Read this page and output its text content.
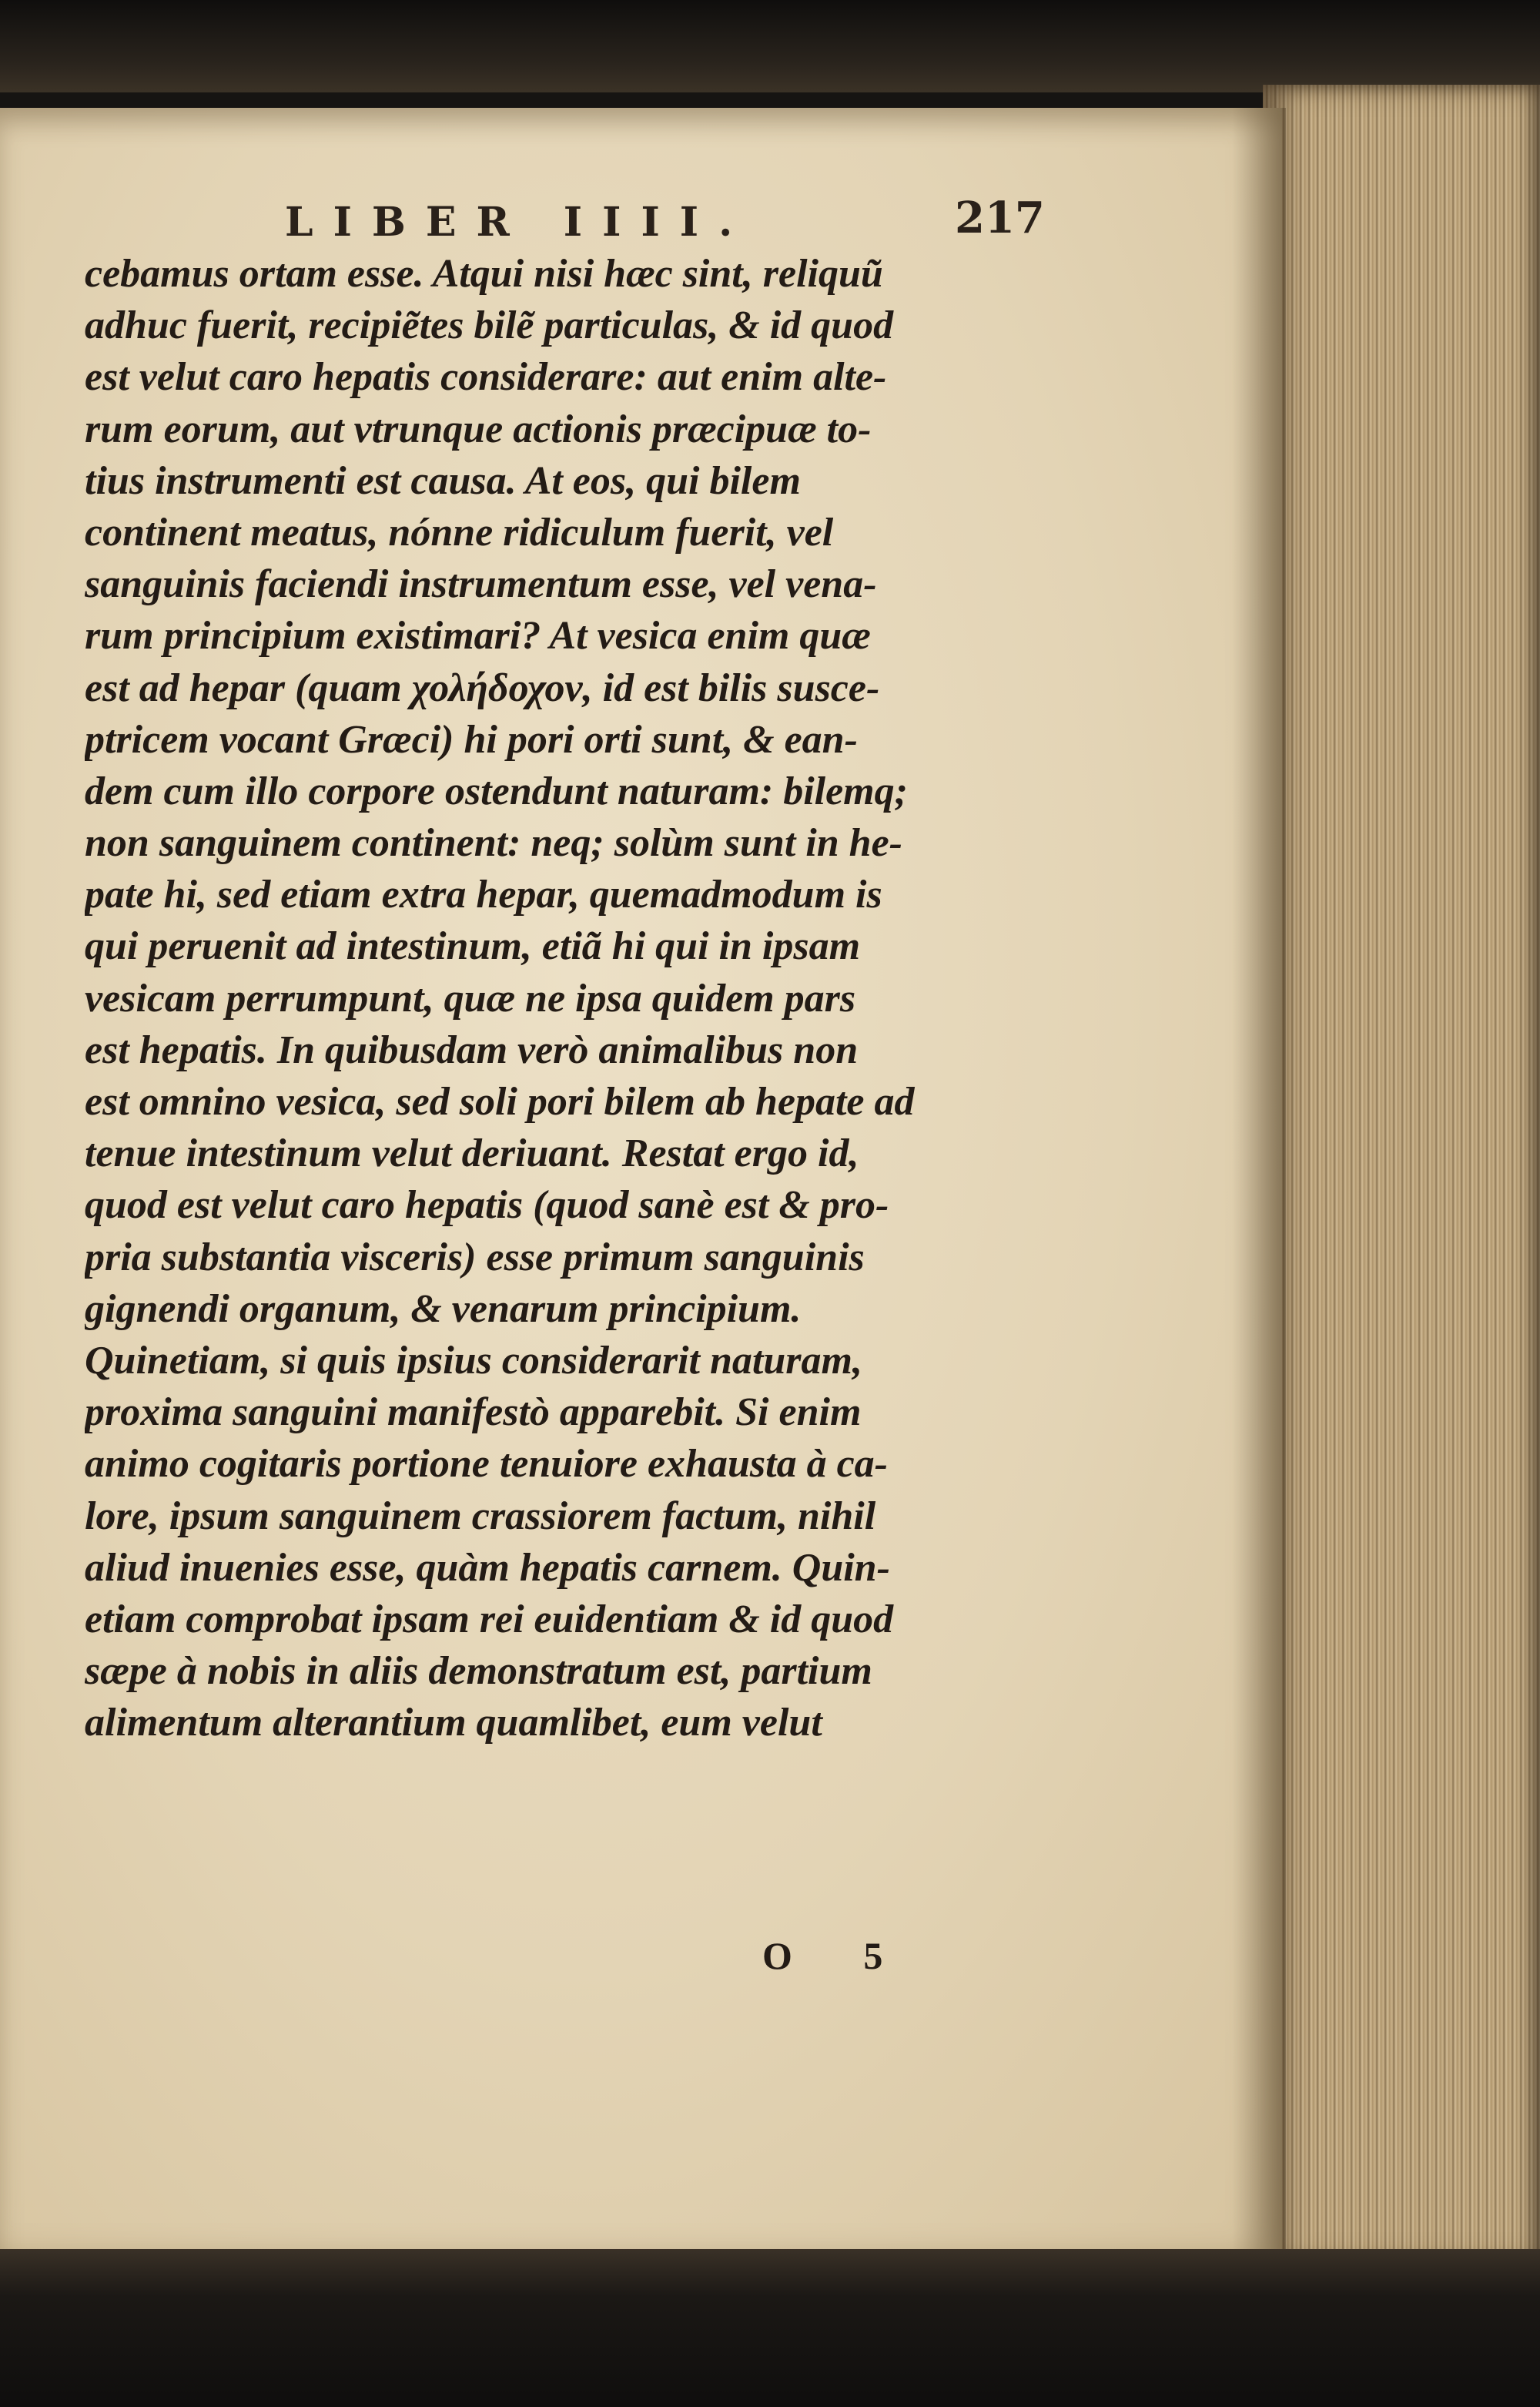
LIBER IIII.	217
cebamus ortam esse. Atqui nisi hæc sint, reliquũ
adhuc fuerit, recipiẽtes bilẽ particulas, & id quod
est velut caro hepatis considerare: aut enim alte-
rum eorum, aut vtrunque actionis præcipuæ to-
tius instrumenti est causa. At eos, qui bilem
continent meatus, nónne ridiculum fuerit, vel
sanguinis faciendi instrumentum esse, vel vena-
rum principium existimari? At vesica enim quæ
est ad hepar (quam χολήδοχον, id est bilis susce-
ptricem vocant Græci) hi pori orti sunt, & ean-
dem cum illo corpore ostendunt naturam: bilemq;
non sanguinem continent: neq; solùm sunt in he-
pate hi, sed etiam extra hepar, quemadmodum is
qui peruenit ad intestinum, etiã hi qui in ipsam
vesicam perrumpunt, quæ ne ipsa quidem pars
est hepatis. In quibusdam verò animalibus non
est omnino vesica, sed soli pori bilem ab hepate ad
tenue intestinum velut deriuant. Restat ergo id,
quod est velut caro hepatis (quod sanè est & pro-
pria substantia visceris) esse primum sanguinis
gignendi organum, & venarum principium.
Quinetiam, si quis ipsius considerarit naturam,
proxima sanguini manifestò apparebit. Si enim
animo cogitaris portione tenuiore exhausta à ca-
lore, ipsum sanguinem crassiorem factum, nihil
aliud inuenies esse, quàm hepatis carnem. Quin-
etiam comprobat ipsam rei euidentiam & id quod
sæpe à nobis in aliis demonstratum est, partium
alimentum alterantium quamlibet, eum velut
O 5
